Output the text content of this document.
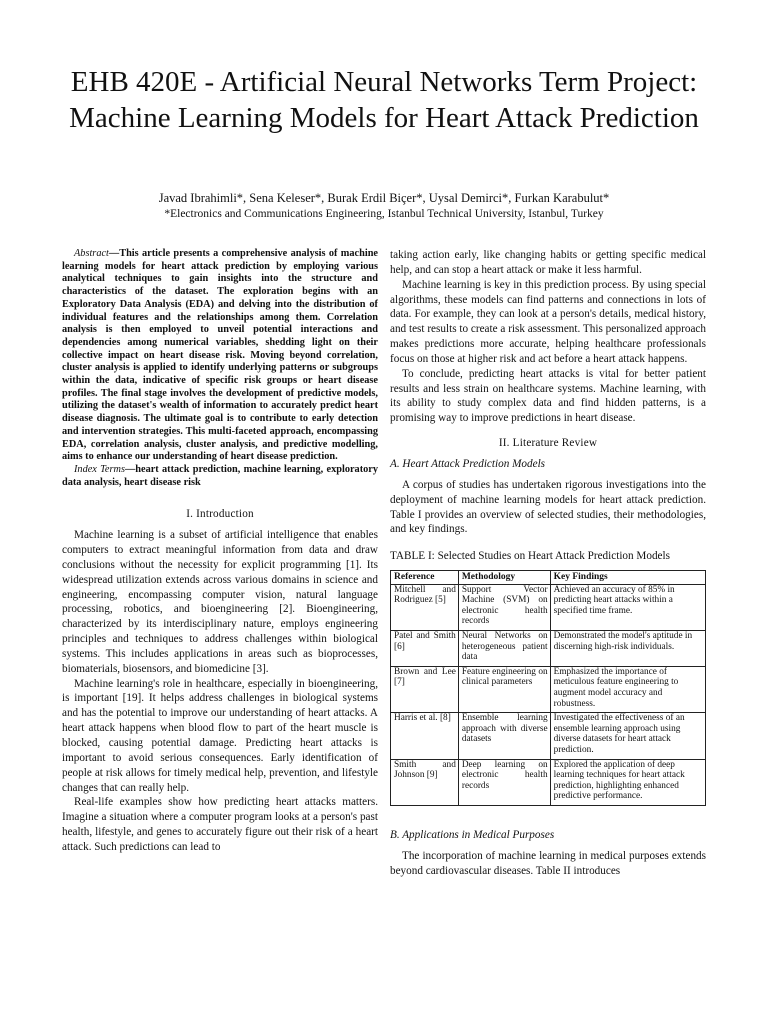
EHB 420E - Artificial Neural Networks Term Project: Machine Learning Models for Heart Attack Prediction
Javad Ibrahimli*, Sena Keleser*, Burak Erdil Biçer*, Uysal Demirci*, Furkan Karabulut*
*Electronics and Communications Engineering, Istanbul Technical University, Istanbul, Turkey

Abstract—This article presents a comprehensive analysis of machine learning models for heart attack prediction by employing various analytical techniques to gain insights into the structure and characteristics of the dataset. The exploration begins with an Exploratory Data Analysis (EDA) and delving into the distribution of individual features and the relationships among them. Correlation analysis is then employed to unveil potential interactions and dependencies among numerical variables, shedding light on their collective impact on heart disease risk. Moving beyond correlation, cluster analysis is applied to identify underlying patterns or subgroups within the data, indicative of specific risk groups or heart disease profiles. The final stage involves the development of predictive models, utilizing the dataset's wealth of information to accurately predict heart disease diagnosis. The ultimate goal is to contribute to early detection and intervention strategies. This multi-faceted approach, encompassing EDA, correlation analysis, cluster analysis, and predictive modelling, aims to enhance our understanding of heart disease prediction.

Index Terms—heart attack prediction, machine learning, exploratory data analysis, heart disease risk

I. Introduction

Machine learning is a subset of artificial intelligence that enables computers to extract meaningful information from data and draw conclusions without the necessity for explicit programming [1]. Its widespread utilization extends across various domains in science and engineering, encompassing computer vision, natural language processing, robotics, and bioengineering [2]. Bioengineering, characterized by its interdisciplinary nature, employs engineering principles and techniques to address challenges within biological systems. This includes applications in areas such as bioprocesses, biomaterials, biosensors, and biomedicine [3].

Machine learning's role in healthcare, especially in bioengineering, is important [19]. It helps address challenges in biological systems and has the potential to improve our understanding of heart attacks. A heart attack happens when blood flow to part of the heart muscle is blocked, causing potential damage. Predicting heart attacks is important to avoid serious consequences. Early identification of people at risk allows for timely medical help, prevention, and lifestyle changes that can really help.

Real-life examples show how predicting heart attacks matters. Imagine a situation where a computer program looks at a person's past health, lifestyle, and genes to accurately figure out their risk of a heart attack. Such predictions can lead to

taking action early, like changing habits or getting specific medical help, and can stop a heart attack or make it less harmful.

Machine learning is key in this prediction process. By using special algorithms, these models can find patterns and connections in lots of data. For example, they can look at a person's details, medical history, and test results to create a risk assessment. This personalized approach makes predictions more accurate, helping healthcare professionals focus on those at higher risk and act before a heart attack happens.

To conclude, predicting heart attacks is vital for better patient results and less strain on healthcare systems. Machine learning, with its ability to study complex data and find hidden patterns, is a promising way to improve predictions in heart disease.

II. Literature Review
A. Heart Attack Prediction Models

A corpus of studies has undertaken rigorous investigations into the deployment of machine learning models for heart attack prediction. Table I provides an overview of selected studies, their methodologies, and key findings.

TABLE I: Selected Studies on Heart Attack Prediction Models
Reference	Methodology	Key Findings
Mitchell and Rodriguez [5]	Support Vector Machine (SVM) on electronic health records	Achieved an accuracy of 85% in predicting heart attacks within a specified time frame.
Patel and Smith [6]	Neural Networks on heterogeneous patient data	Demonstrated the model's aptitude in discerning high-risk individuals.
Brown and Lee [7]	Feature engineering on clinical parameters	Emphasized the importance of meticulous feature engineering to augment model accuracy and robustness.
Harris et al. [8]	Ensemble learning approach with diverse datasets	Investigated the effectiveness of an ensemble learning approach using diverse datasets for heart attack prediction.
Smith and Johnson [9]	Deep learning on electronic health records	Explored the application of deep learning techniques for heart attack prediction, highlighting enhanced predictive performance.
B. Applications in Medical Purposes

The incorporation of machine learning in medical purposes extends beyond cardiovascular diseases. Table II introduces
